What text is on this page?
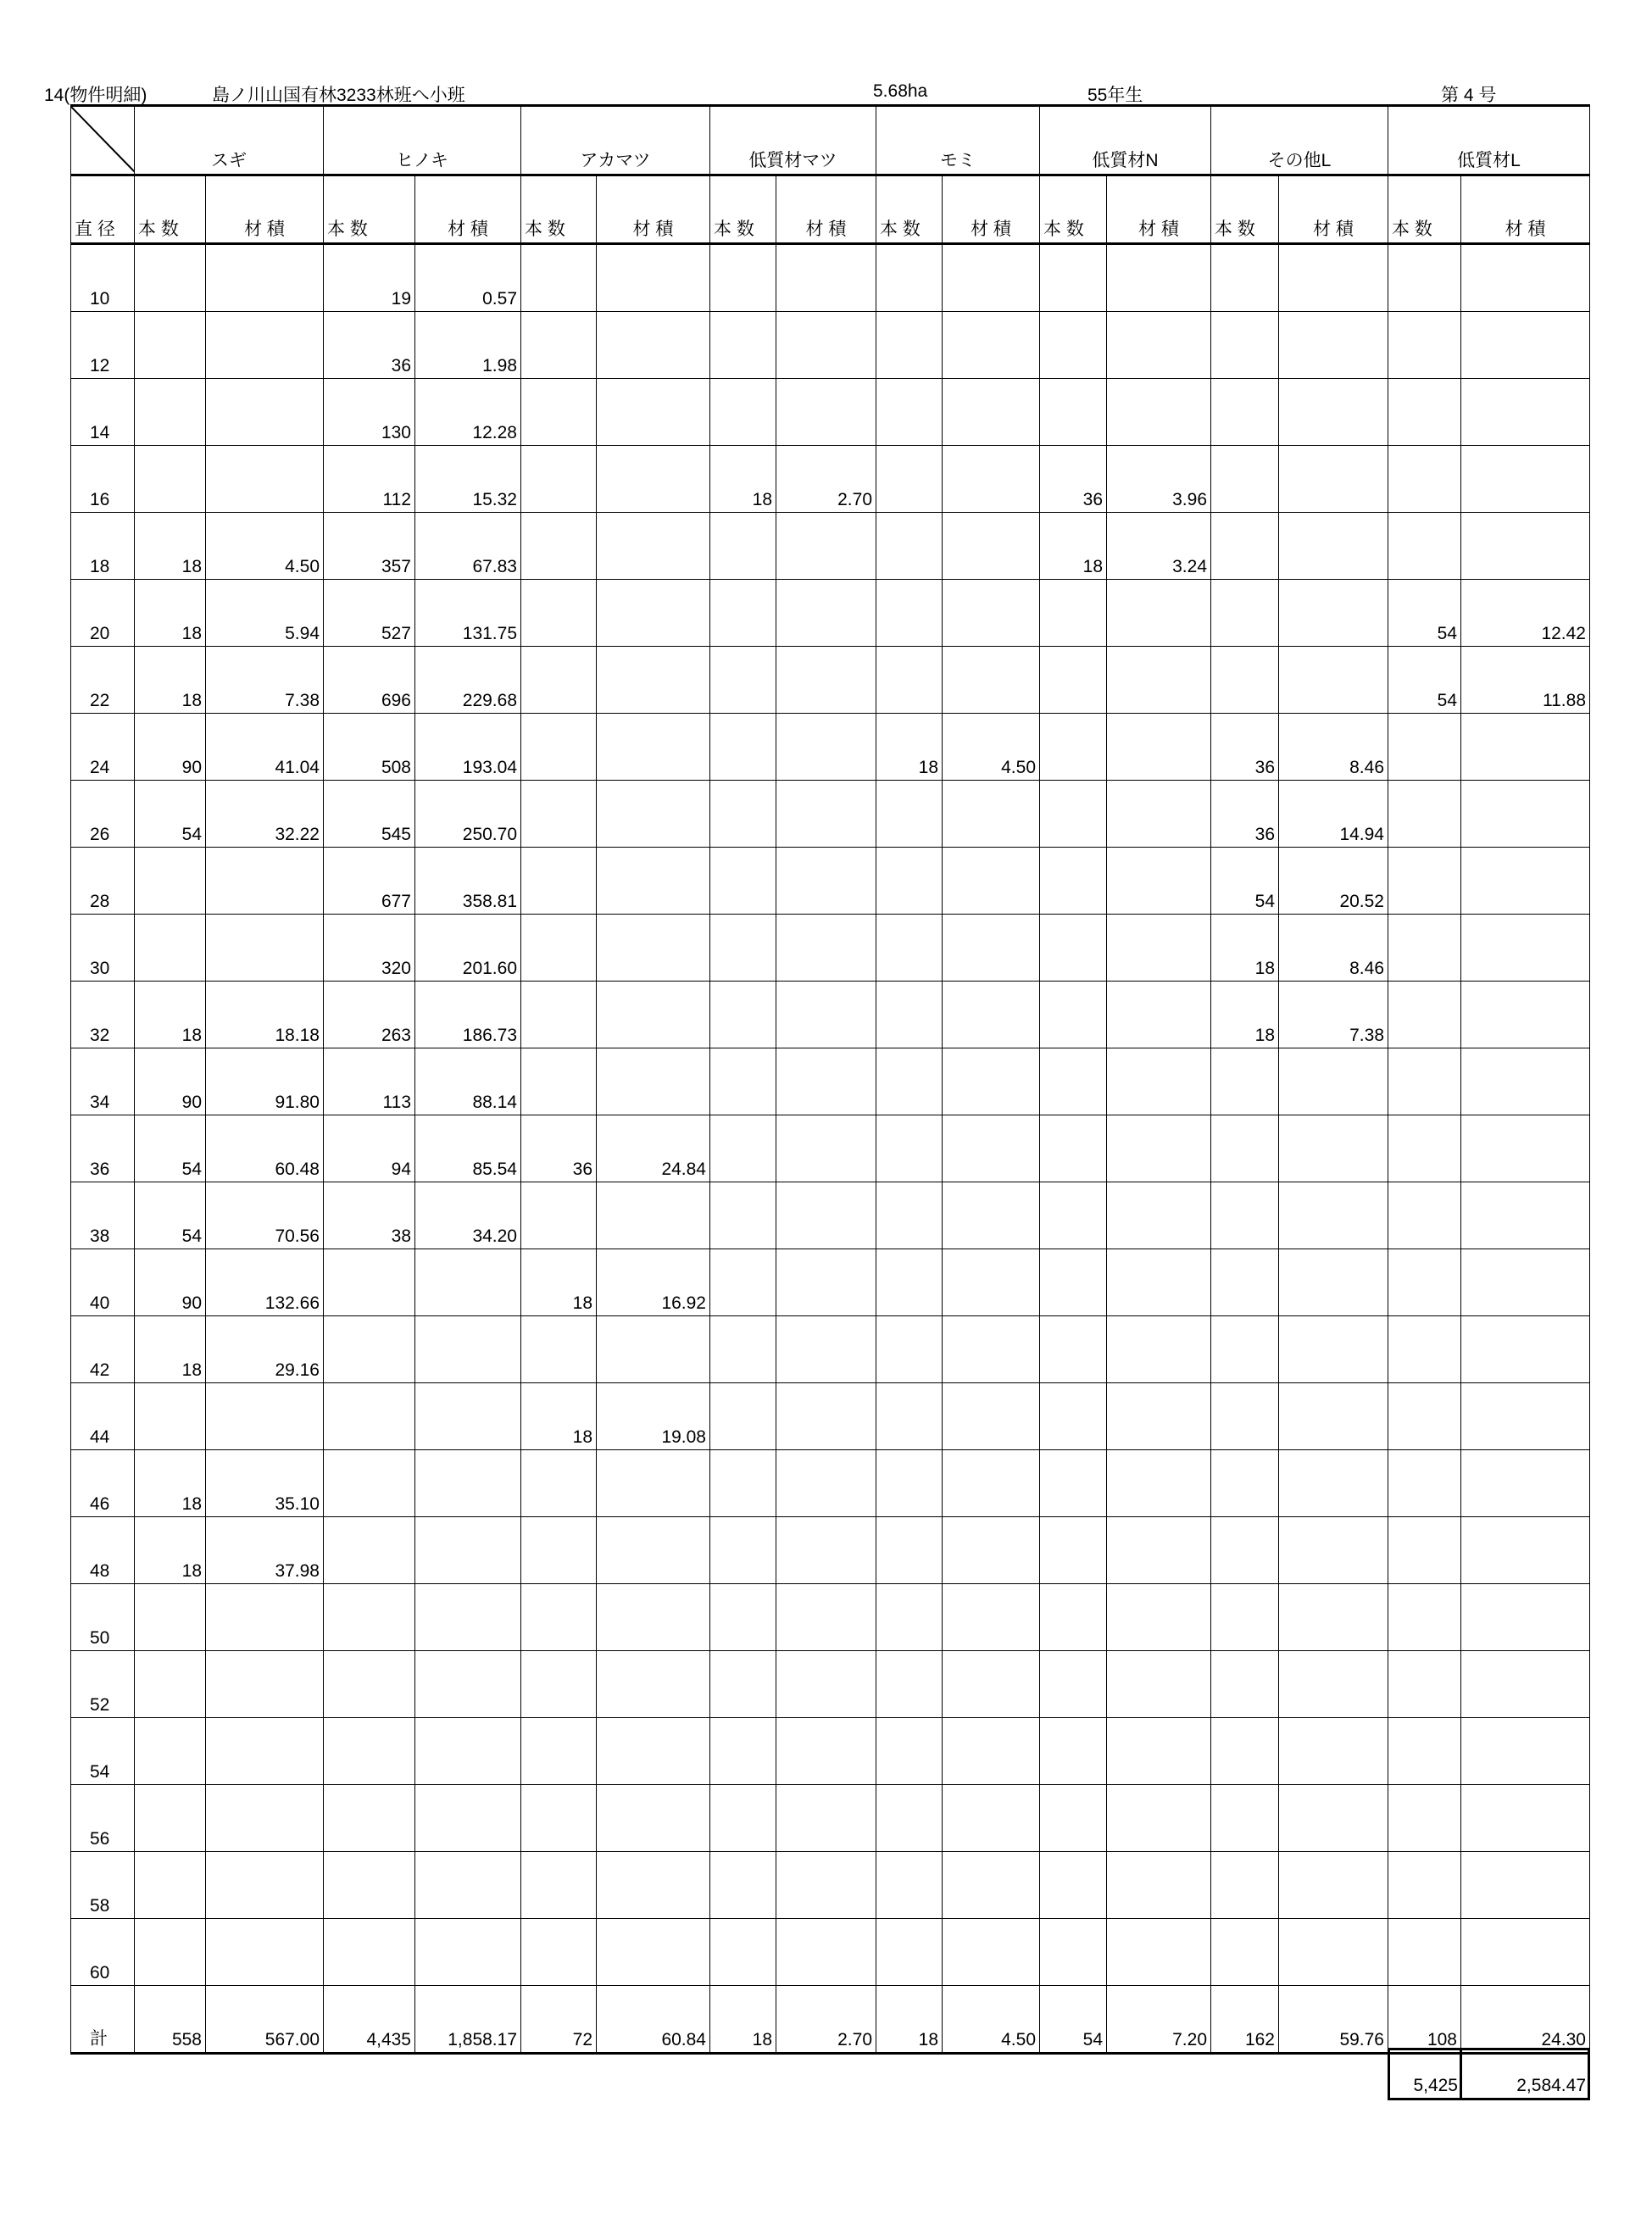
14(物件明細)	島ノ川山国有林3233林班へ小班	5.68ha	55年生	第 4 号
	スギ	ヒノキ	アカマツ	低質材マツ	モミ	低質材N	その他L	低質材L
直 径	本 数	材 積	本 数	材 積	本 数	材 積	本 数	材 積	本 数	材 積	本 数	材 積	本 数	材 積	本 数	材 積
10			19	0.57												
12			36	1.98												
14			130	12.28												
16			112	15.32			18	2.70			36	3.96				
18	18	4.50	357	67.83							18	3.24				
20	18	5.94	527	131.75											54	12.42
22	18	7.38	696	229.68											54	11.88
24	90	41.04	508	193.04					18	4.50			36	8.46		
26	54	32.22	545	250.70									36	14.94		
28			677	358.81									54	20.52		
30			320	201.60									18	8.46		
32	18	18.18	263	186.73									18	7.38		
34	90	91.80	113	88.14												
36	54	60.48	94	85.54	36	24.84										
38	54	70.56	38	34.20												
40	90	132.66			18	16.92										
42	18	29.16														
44					18	19.08										
46	18	35.10														
48	18	37.98														
50																
52																
54																
56																
58																
60																
計	558	567.00	4,435	1,858.17	72	60.84	18	2.70	18	4.50	54	7.20	162	59.76	108	24.30
5,425	2,584.47
